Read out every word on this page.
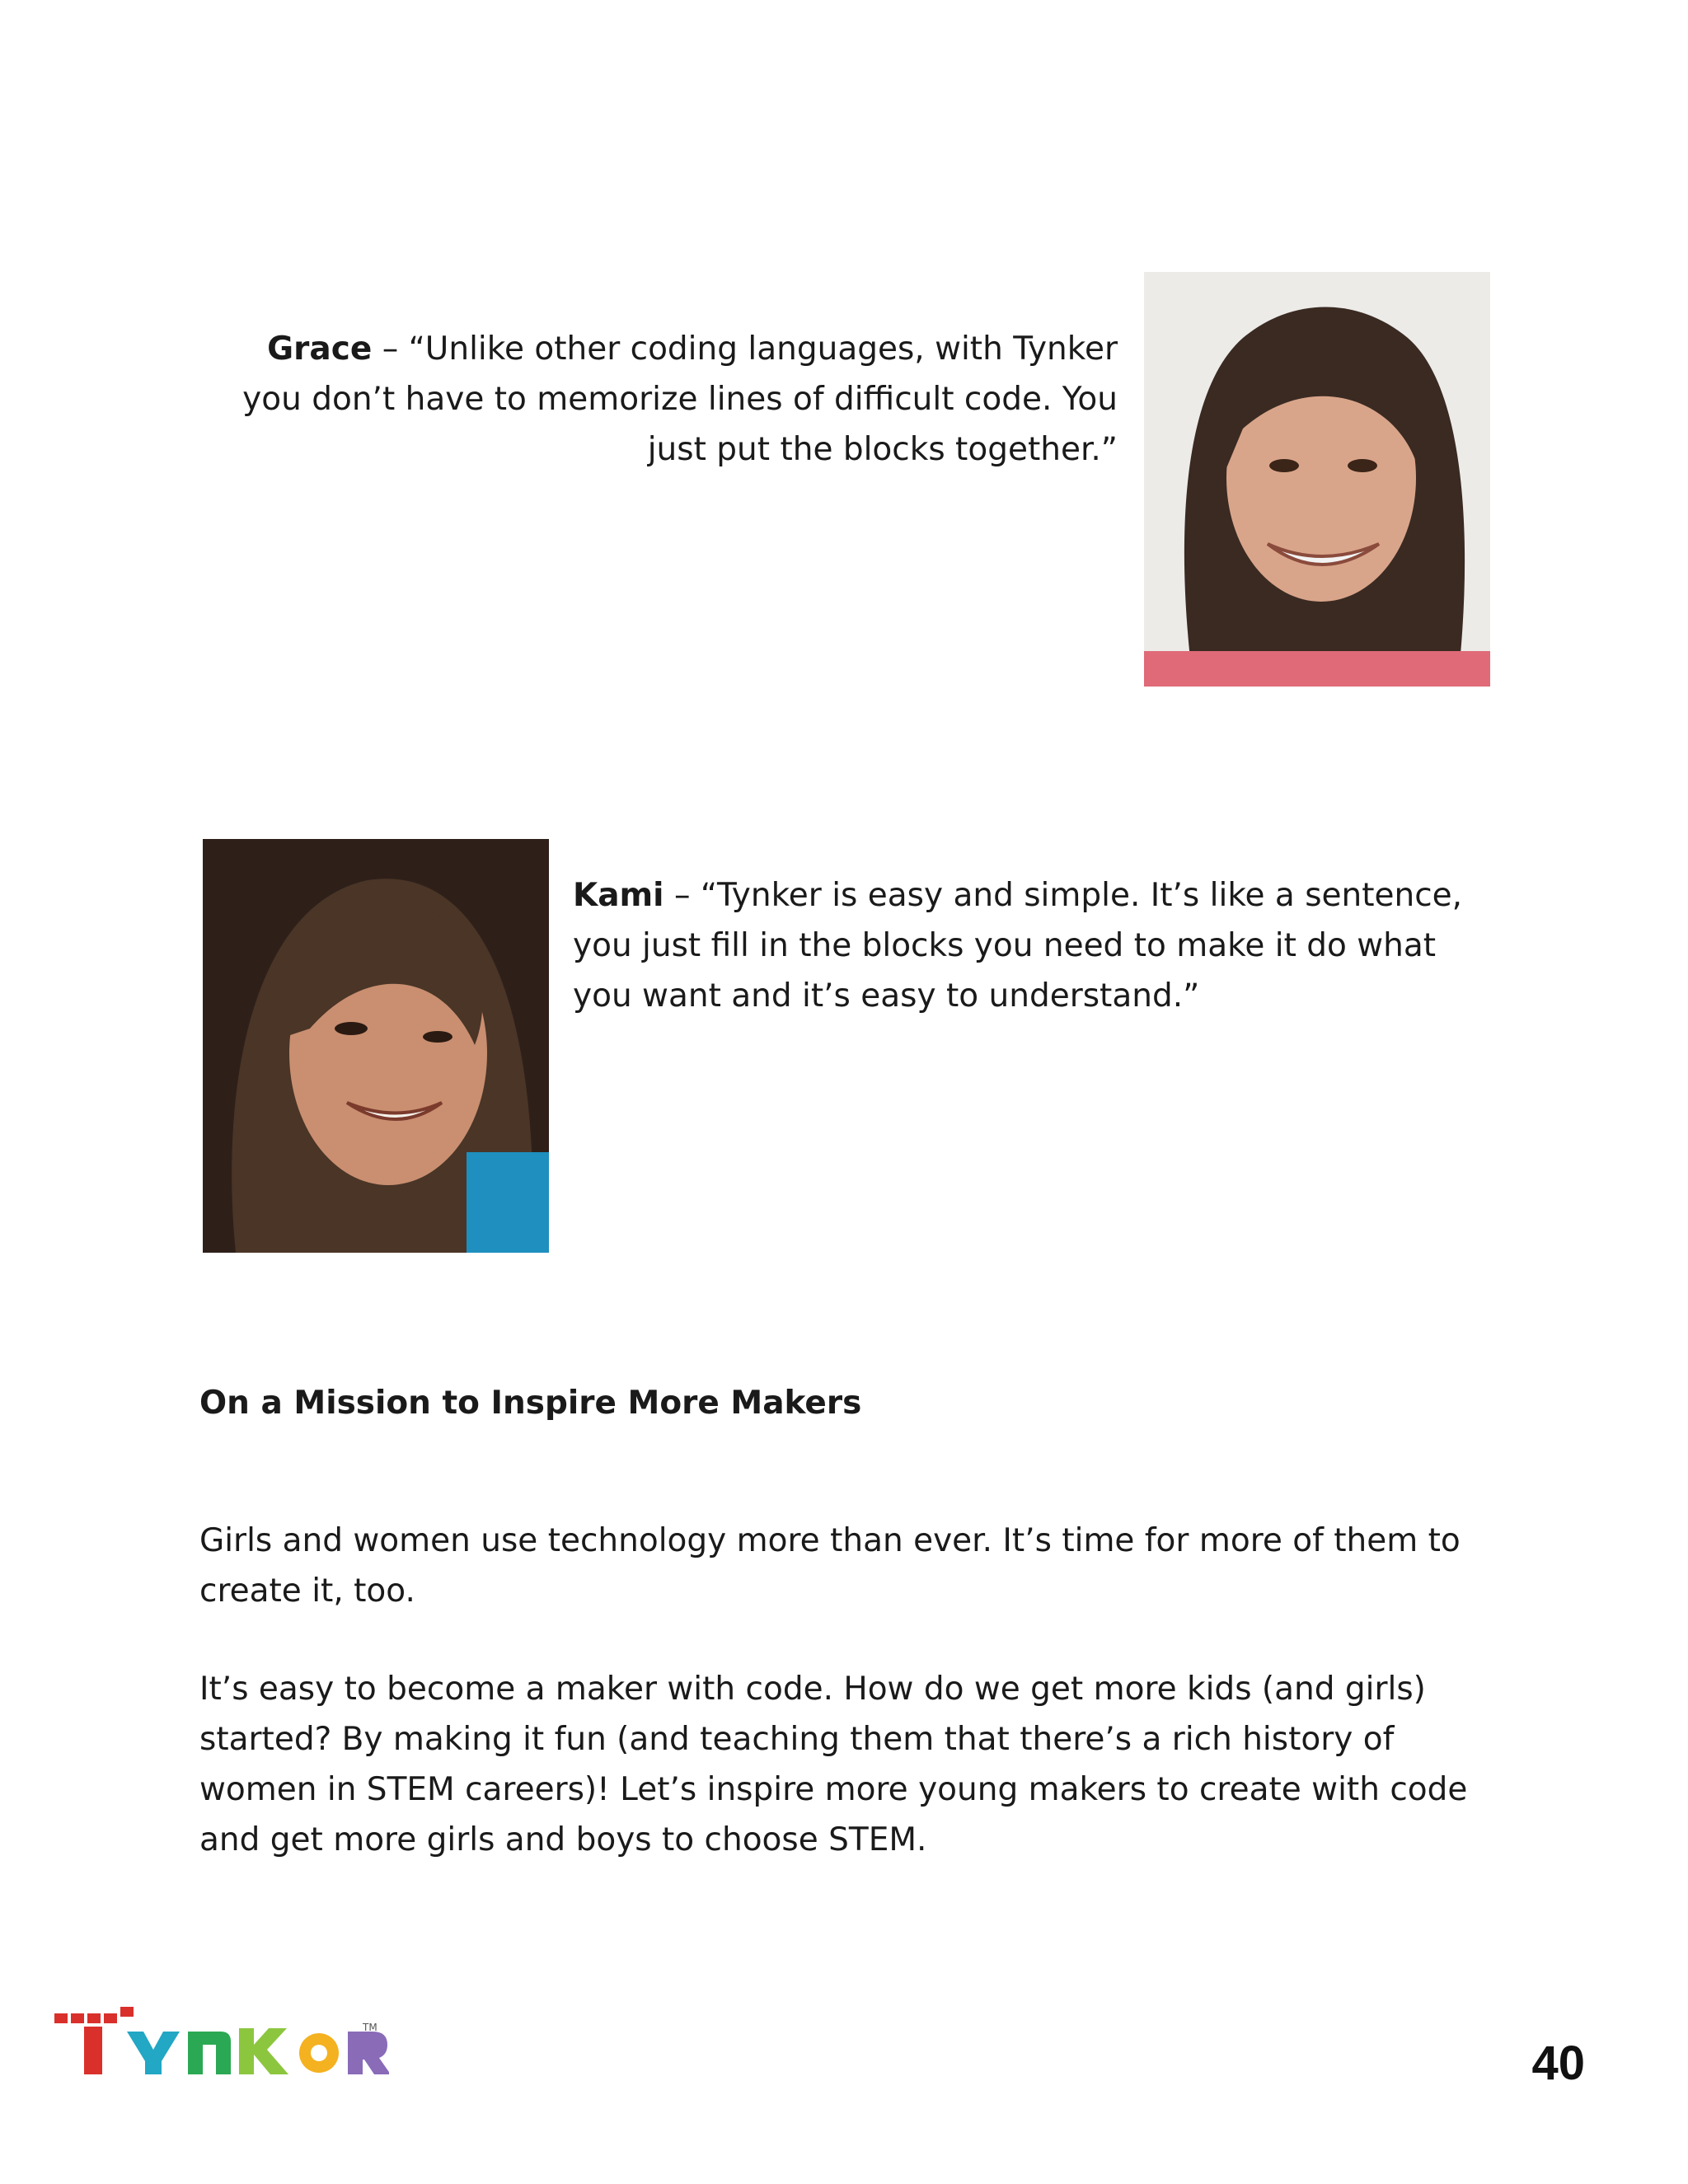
Grace – “Unlike other coding languages, with Tynker you don’t have to memorize lines of difficult code. You just put the blocks together.”

Kami – “Tynker is easy and simple. It’s like a sentence, you just fill in the blocks you need to make it do what you want and it’s easy to understand.”

On a Mission to Inspire More Makers

Girls and women use technology more than ever. It’s time for more of them to create it, too.

It’s easy to become a maker with code. How do we get more kids (and girls) started? By making it fun (and teaching them that there’s a rich history of women in STEM careers)! Let’s inspire more young makers to create with code and get more girls and boys to choose STEM.

TM
40
